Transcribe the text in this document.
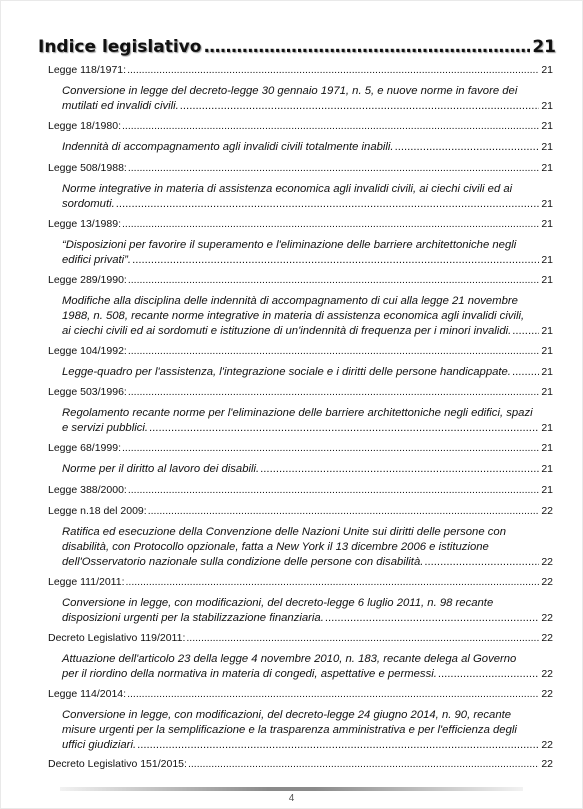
Indice legislativo .....	21
Legge 118/1971: .....	21
Conversione in legge del decreto-legge 30 gennaio 1971, n. 5, e nuove norme in favore dei
mutilati ed invalidi civili. .....	21
Legge 18/1980: .....	21
Indennità di accompagnamento agli invalidi civili totalmente inabili. .....	21
Legge 508/1988: .....	21
Norme integrative in materia di assistenza economica agli invalidi civili, ai ciechi civili ed ai
sordomuti. .....	21
Legge 13/1989: .....	21
“Disposizioni per favorire il superamento e l'eliminazione delle barriere architettoniche negli
edifici privati”. .....	21
Legge 289/1990: .....	21
Modifiche alla disciplina delle indennità di accompagnamento di cui alla legge 21 novembre
1988, n. 508, recante norme integrative in materia di assistenza economica agli invalidi civili,
ai ciechi civili ed ai sordomuti e istituzione di un'indennità di frequenza per i minori invalidi. .....	21
Legge 104/1992: .....	21
Legge-quadro per l'assistenza, l'integrazione sociale e i diritti delle persone handicappate. .....	21
Legge 503/1996: .....	21
Regolamento recante norme per l'eliminazione delle barriere architettoniche negli edifici, spazi
e servizi pubblici. .....	21
Legge 68/1999: .....	21
Norme per il diritto al lavoro dei disabili. .....	21
Legge 388/2000: .....	21
Legge n.18 del 2009: .....	22
Ratifica ed esecuzione della Convenzione delle Nazioni Unite sui diritti delle persone con
disabilità, con Protocollo opzionale, fatta a New York il 13 dicembre 2006 e istituzione
dell'Osservatorio nazionale sulla condizione delle persone con disabilità. .....	22
Legge 111/2011: .....	22
Conversione in legge, con modificazioni, del decreto-legge 6 luglio 2011, n. 98 recante
disposizioni urgenti per la stabilizzazione finanziaria. .....	22
Decreto Legislativo 119/2011: .....	22
Attuazione dell'articolo 23 della legge 4 novembre 2010, n. 183, recante delega al Governo
per il riordino della normativa in materia di congedi, aspettative e permessi. .....	22
Legge 114/2014: .....	22
Conversione in legge, con modificazioni, del decreto-legge 24 giugno 2014, n. 90, recante
misure urgenti per la semplificazione e la trasparenza amministrativa e per l'efficienza degli
uffici giudiziari. .....	22
Decreto Legislativo 151/2015: .....	22
4
